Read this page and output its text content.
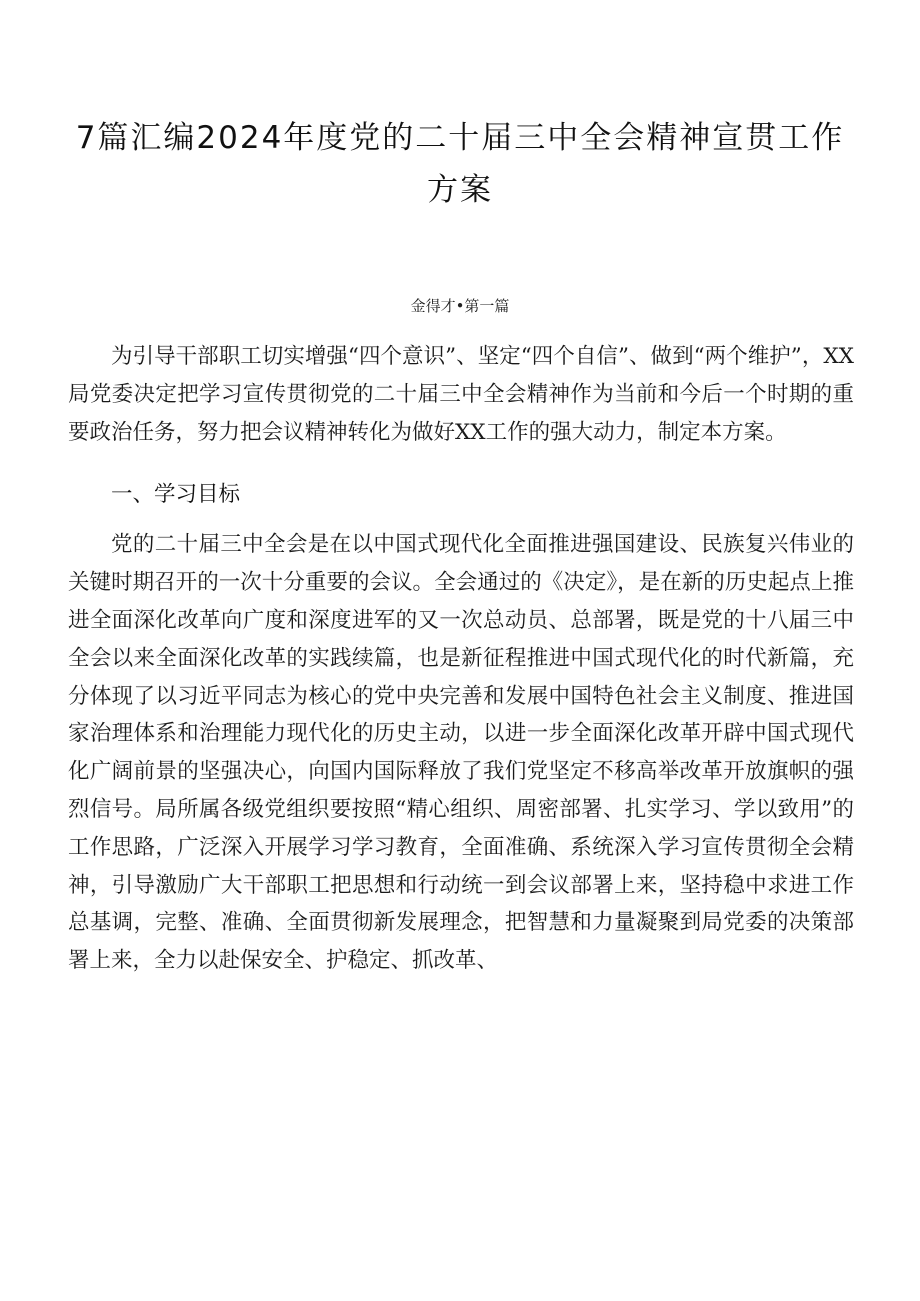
7篇汇编2024年度党的二十届三中全会精神宣贯工作方案
金得才•第一篇

为引导干部职工切实增强“四个意识”、坚定“四个自信”、做到“两个维护”，XX局党委决定把学习宣传贯彻党的二十届三中全会精神作为当前和今后一个时期的重要政治任务，努力把会议精神转化为做好XX工作的强大动力，制定本方案。

一、学习目标

党的二十届三中全会是在以中国式现代化全面推进强国建设、民族复兴伟业的关键时期召开的一次十分重要的会议。全会通过的《决定》，是在新的历史起点上推进全面深化改革向广度和深度进军的又一次总动员、总部署，既是党的十八届三中全会以来全面深化改革的实践续篇，也是新征程推进中国式现代化的时代新篇，充分体现了以习近平同志为核心的党中央完善和发展中国特色社会主义制度、推进国家治理体系和治理能力现代化的历史主动，以进一步全面深化改革开辟中国式现代化广阔前景的坚强决心，向国内国际释放了我们党坚定不移高举改革开放旗帜的强烈信号。局所属各级党组织要按照“精心组织、周密部署、扎实学习、学以致用”的工作思路，广泛深入开展学习学习教育，全面准确、系统深入学习宣传贯彻全会精神，引导激励广大干部职工把思想和行动统一到会议部署上来，坚持稳中求进工作总基调，完整、准确、全面贯彻新发展理念，把智慧和力量凝聚到局党委的决策部署上来，全力以赴保安全、护稳定、抓改革、
